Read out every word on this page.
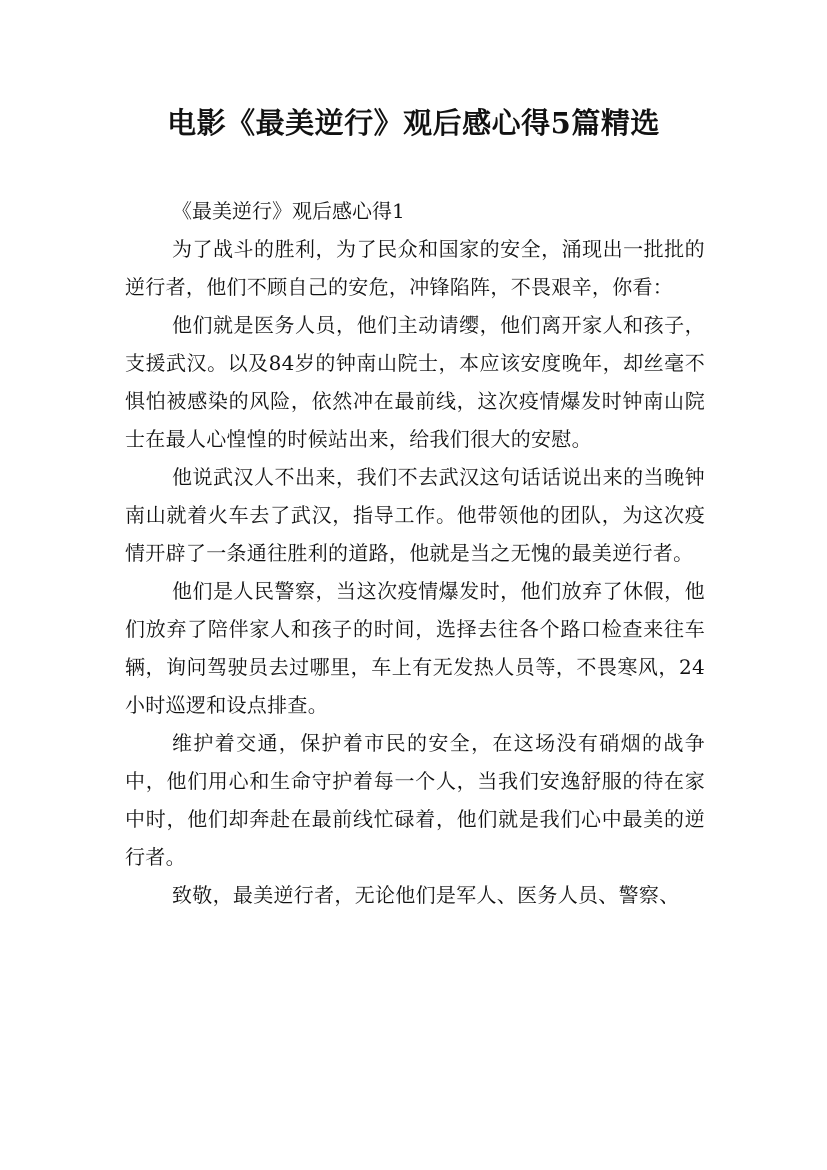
电影《最美逆行》观后感心得5篇精选

《最美逆行》观后感心得1

为了战斗的胜利，为了民众和国家的安全，涌现出一批批的逆行者，他们不顾自己的安危，冲锋陷阵，不畏艰辛，你看：

他们就是医务人员，他们主动请缨，他们离开家人和孩子，支援武汉。以及84岁的钟南山院士，本应该安度晚年，却丝毫不惧怕被感染的风险，依然冲在最前线，这次疫情爆发时钟南山院士在最人心惶惶的时候站出来，给我们很大的安慰。

他说武汉人不出来，我们不去武汉这句话话说出来的当晚钟南山就着火车去了武汉，指导工作。他带领他的团队，为这次疫情开辟了一条通往胜利的道路，他就是当之无愧的最美逆行者。

他们是人民警察，当这次疫情爆发时，他们放弃了休假，他们放弃了陪伴家人和孩子的时间，选择去往各个路口检查来往车辆，询问驾驶员去过哪里，车上有无发热人员等，不畏寒风，24小时巡逻和设点排查。

维护着交通，保护着市民的安全，在这场没有硝烟的战争中，他们用心和生命守护着每一个人，当我们安逸舒服的待在家中时，他们却奔赴在最前线忙碌着，他们就是我们心中最美的逆行者。

致敬，最美逆行者，无论他们是军人、医务人员、警察、
